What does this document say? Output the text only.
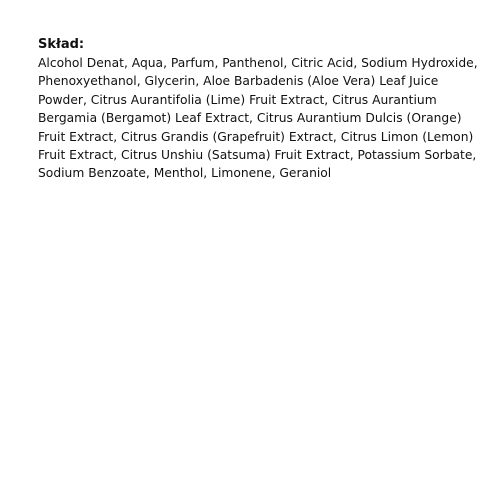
Skład:

Alcohol Denat, Aqua, Parfum, Panthenol, Citric Acid, Sodium Hydroxide, Phenoxyethanol, Glycerin, Aloe Barbadenis (Aloe Vera) Leaf Juice Powder, Citrus Aurantifolia (Lime) Fruit Extract, Citrus Aurantium Bergamia (Bergamot) Leaf Extract, Citrus Aurantium Dulcis (Orange) Fruit Extract, Citrus Grandis (Grapefruit) Extract, Citrus Limon (Lemon) Fruit Extract, Citrus Unshiu (Satsuma) Fruit Extract, Potassium Sorbate, Sodium Benzoate, Menthol, Limonene, Geraniol
